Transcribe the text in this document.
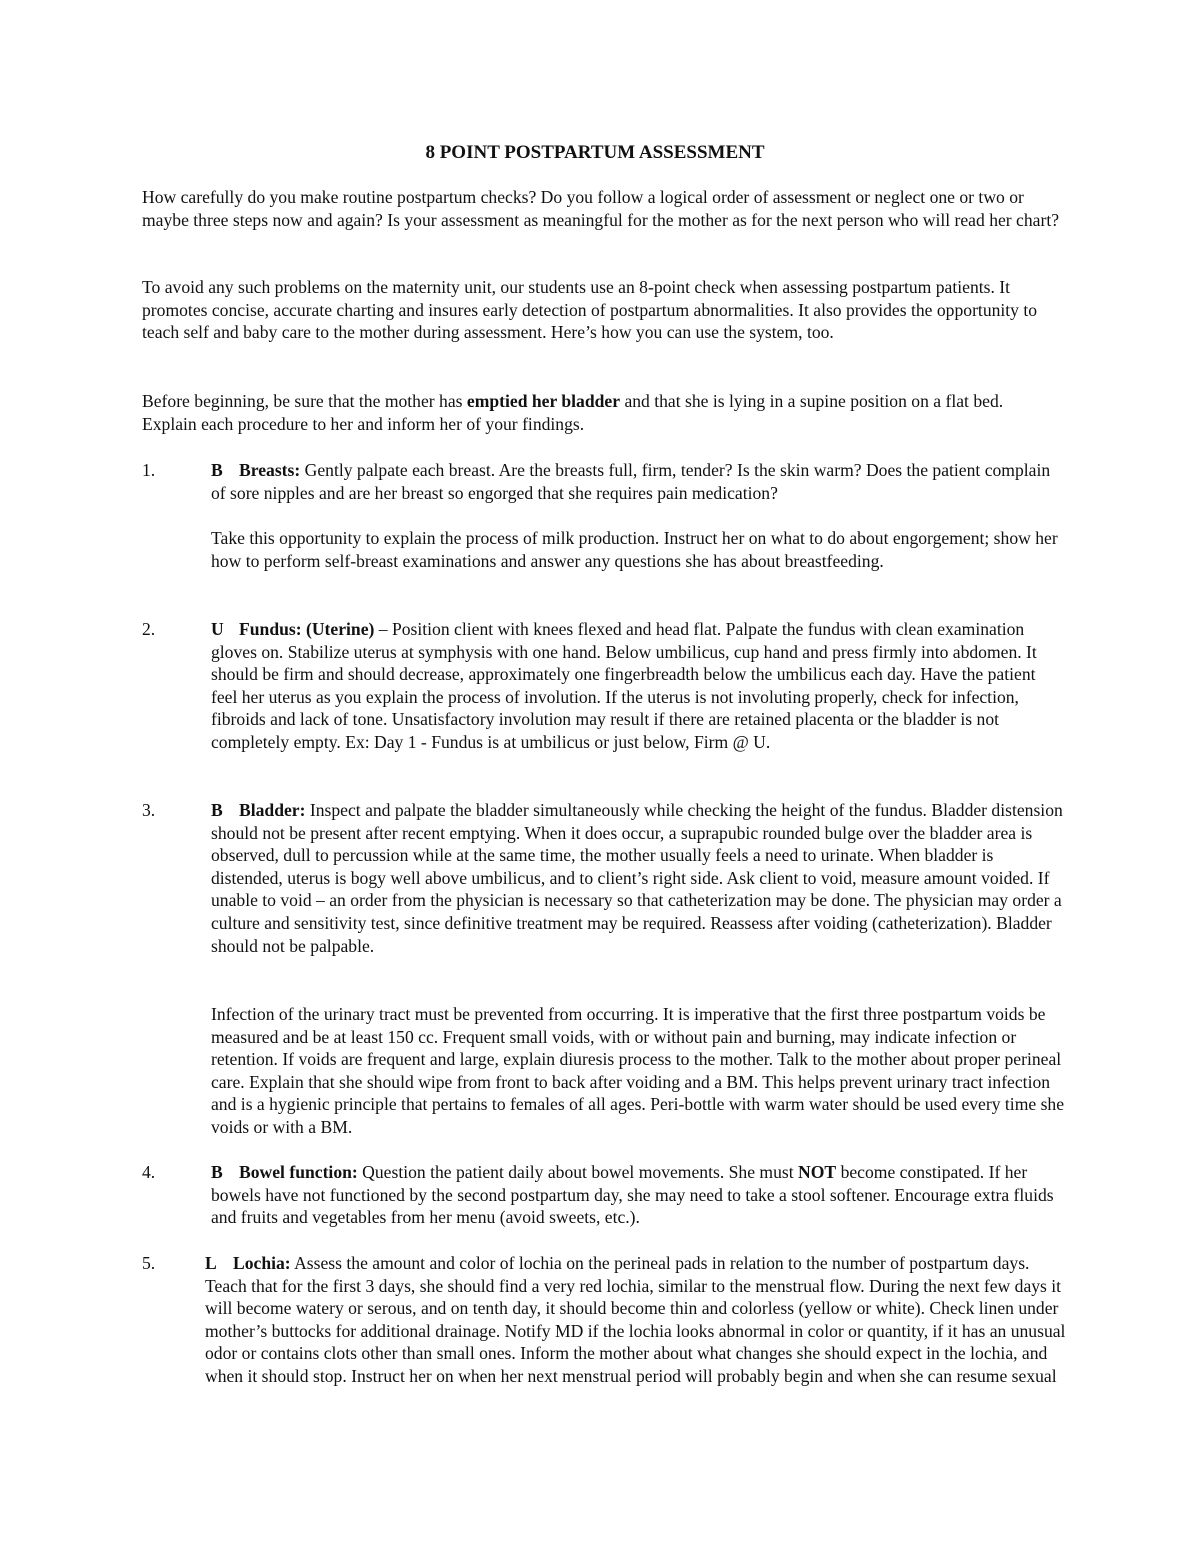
8 POINT POSTPARTUM ASSESSMENT

How carefully do you make routine postpartum checks? Do you follow a logical order of assessment or neglect one or two or maybe three steps now and again? Is your assessment as meaningful for the mother as for the next person who will read her chart?

To avoid any such problems on the maternity unit, our students use an 8-point check when assessing postpartum patients. It promotes concise, accurate charting and insures early detection of postpartum abnormalities. It also provides the opportunity to teach self and baby care to the mother during assessment. Here’s how you can use the system, too.

Before beginning, be sure that the mother has emptied her bladder and that she is lying in a supine position on a flat bed. Explain each procedure to her and inform her of your findings.

1.	B Breasts: Gently palpate each breast. Are the breasts full, firm, tender? Is the skin warm? Does the patient complain of sore nipples and are her breast so engorged that she requires pain medication?

Take this opportunity to explain the process of milk production. Instruct her on what to do about engorgement; show her how to perform self-breast examinations and answer any questions she has about breastfeeding.

2.	U Fundus: (Uterine) – Position client with knees flexed and head flat. Palpate the fundus with clean examination gloves on. Stabilize uterus at symphysis with one hand. Below umbilicus, cup hand and press firmly into abdomen. It should be firm and should decrease, approximately one fingerbreadth below the umbilicus each day. Have the patient feel her uterus as you explain the process of involution. If the uterus is not involuting properly, check for infection, fibroids and lack of tone. Unsatisfactory involution may result if there are retained placenta or the bladder is not completely empty. Ex: Day 1 - Fundus is at umbilicus or just below, Firm @ U.

3.	B Bladder: Inspect and palpate the bladder simultaneously while checking the height of the fundus. Bladder distension should not be present after recent emptying. When it does occur, a suprapubic rounded bulge over the bladder area is observed, dull to percussion while at the same time, the mother usually feels a need to urinate. When bladder is distended, uterus is bogy well above umbilicus, and to client’s right side. Ask client to void, measure amount voided. If unable to void – an order from the physician is necessary so that catheterization may be done. The physician may order a culture and sensitivity test, since definitive treatment may be required. Reassess after voiding (catheterization). Bladder should not be palpable.

Infection of the urinary tract must be prevented from occurring. It is imperative that the first three postpartum voids be measured and be at least 150 cc. Frequent small voids, with or without pain and burning, may indicate infection or retention. If voids are frequent and large, explain diuresis process to the mother. Talk to the mother about proper perineal care. Explain that she should wipe from front to back after voiding and a BM. This helps prevent urinary tract infection and is a hygienic principle that pertains to females of all ages. Peri-bottle with warm water should be used every time she voids or with a BM.

4.	B Bowel function: Question the patient daily about bowel movements. She must NOT become constipated. If her bowels have not functioned by the second postpartum day, she may need to take a stool softener. Encourage extra fluids and fruits and vegetables from her menu (avoid sweets, etc.).

5.	L Lochia: Assess the amount and color of lochia on the perineal pads in relation to the number of postpartum days. Teach that for the first 3 days, she should find a very red lochia, similar to the menstrual flow. During the next few days it will become watery or serous, and on tenth day, it should become thin and colorless (yellow or white). Check linen under mother’s buttocks for additional drainage. Notify MD if the lochia looks abnormal in color or quantity, if it has an unusual odor or contains clots other than small ones. Inform the mother about what changes she should expect in the lochia, and when it should stop. Instruct her on when her next menstrual period will probably begin and when she can resume sexual
